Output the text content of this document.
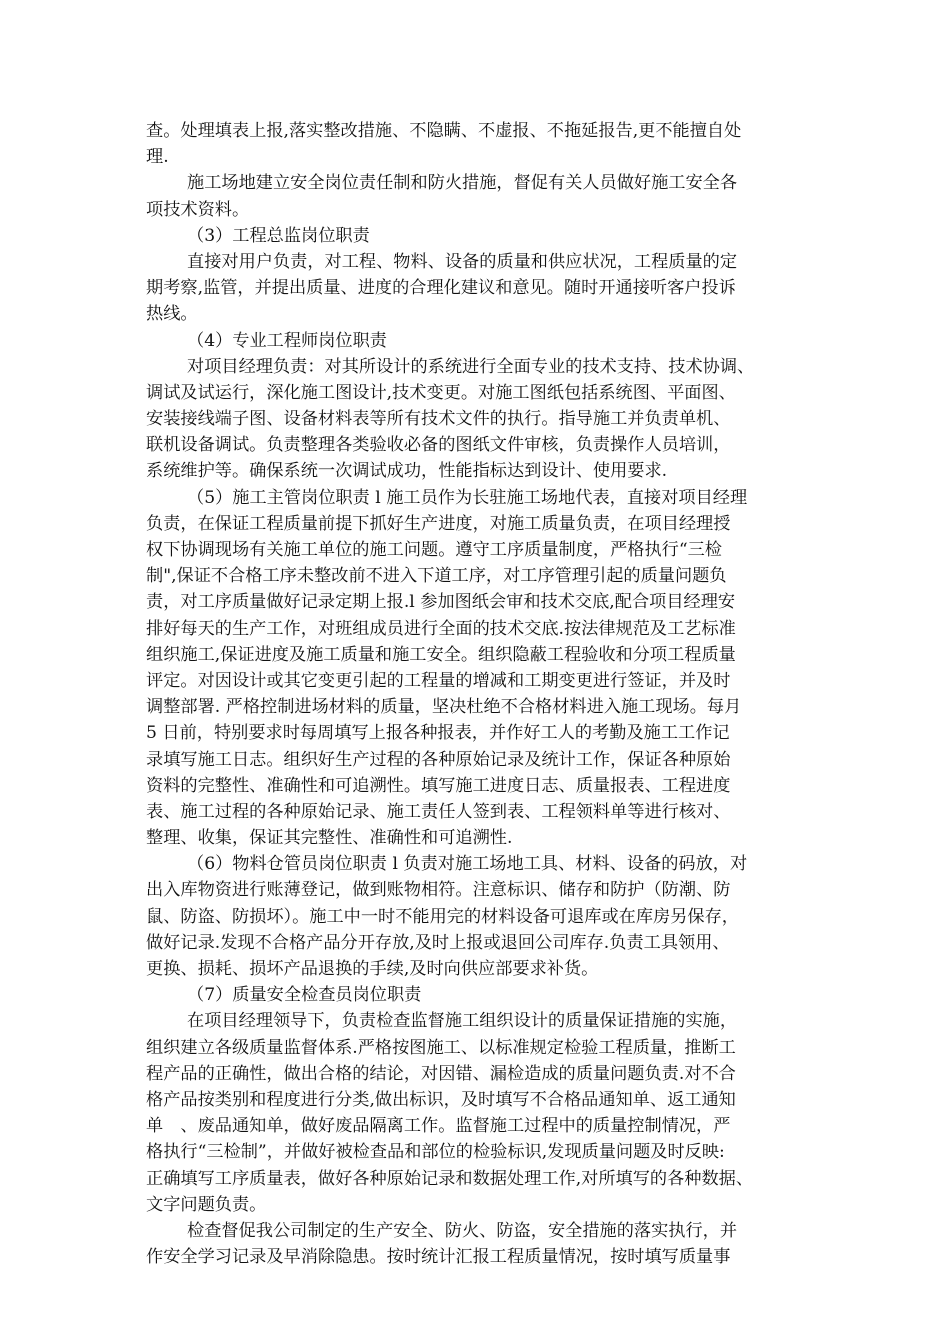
查。处理填表上报,落实整改措施、不隐瞒、不虚报、不拖延报告,更不能擅自处
理.
施工场地建立安全岗位责任制和防火措施，督促有关人员做好施工安全各
项技术资料。
（3）工程总监岗位职责
直接对用户负责，对工程、物料、设备的质量和供应状况，工程质量的定
期考察,监管，并提出质量、进度的合理化建议和意见。随时开通接听客户投诉
热线。
（4）专业工程师岗位职责
对项目经理负责：对其所设计的系统进行全面专业的技术支持、技术协调、
调试及试运行，深化施工图设计,技术变更。对施工图纸包括系统图、平面图、
安装接线端子图、设备材料表等所有技术文件的执行。指导施工并负责单机、
联机设备调试。负责整理各类验收必备的图纸文件审核，负责操作人员培训，
系统维护等。确保系统一次调试成功，性能指标达到设计、使用要求.
（5）施工主管岗位职责 l 施工员作为长驻施工场地代表，直接对项目经理
负责，在保证工程质量前提下抓好生产进度，对施工质量负责，在项目经理授
权下协调现场有关施工单位的施工问题。遵守工序质量制度，严格执行“三检
制",保证不合格工序未整改前不进入下道工序，对工序管理引起的质量问题负
责，对工序质量做好记录定期上报.l 参加图纸会审和技术交底,配合项目经理安
排好每天的生产工作，对班组成员进行全面的技术交底.按法律规范及工艺标准
组织施工,保证进度及施工质量和施工安全。组织隐蔽工程验收和分项工程质量
评定。对因设计或其它变更引起的工程量的增减和工期变更进行签证，并及时
调整部署. 严格控制进场材料的质量，坚决杜绝不合格材料进入施工现场。每月
5 日前，特别要求时每周填写上报各种报表，并作好工人的考勤及施工工作记
录填写施工日志。组织好生产过程的各种原始记录及统计工作，保证各种原始
资料的完整性、准确性和可追溯性。填写施工进度日志、质量报表、工程进度
表、施工过程的各种原始记录、施工责任人签到表、工程领料单等进行核对、
整理、收集，保证其完整性、准确性和可追溯性.
（6）物料仓管员岗位职责 l 负责对施工场地工具、材料、设备的码放，对
出入库物资进行账薄登记，做到账物相符。注意标识、储存和防护（防潮、防
鼠、防盗、防损坏）。施工中一时不能用完的材料设备可退库或在库房另保存，
做好记录.发现不合格产品分开存放,及时上报或退回公司库存.负责工具领用、
更换、损耗、损坏产品退换的手续,及时向供应部要求补货。
（7）质量安全检查员岗位职责
在项目经理领导下，负责检查监督施工组织设计的质量保证措施的实施，
组织建立各级质量监督体系.严格按图施工、以标准规定检验工程质量，推断工
程产品的正确性，做出合格的结论，对因错、漏检造成的质量问题负责.对不合
格产品按类别和程度进行分类,做出标识，及时填写不合格品通知单、返工通知
单　、废品通知单，做好废品隔离工作。监督施工过程中的质量控制情况，严
格执行“三检制”，并做好被检查品和部位的检验标识,发现质量问题及时反映:
正确填写工序质量表，做好各种原始记录和数据处理工作,对所填写的各种数据、
文字问题负责。
检查督促我公司制定的生产安全、防火、防盗，安全措施的落实执行，并
作安全学习记录及早消除隐患。按时统计汇报工程质量情况，按时填写质量事
